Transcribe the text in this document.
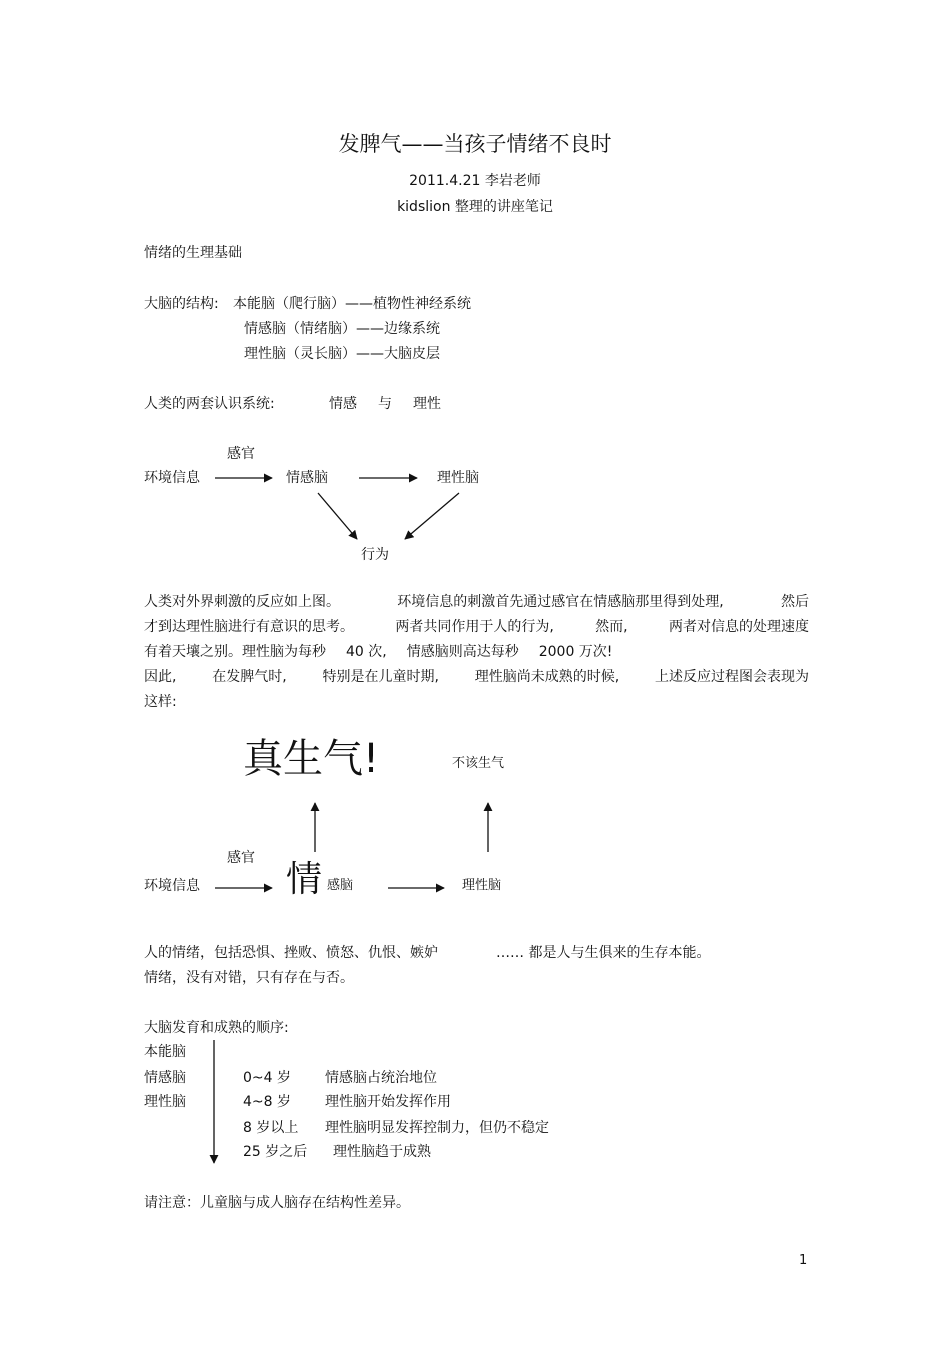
发脾气——当孩子情绪不良时
2011.4.21 李岩老师
kidslion 整理的讲座笔记
情绪的生理基础
大脑的结构: 本能脑（爬行脑）——植物性神经系统
情感脑（情绪脑）——边缘系统
理性脑（灵长脑）——大脑皮层
人类的两套认识系统:	情感 与 理性
感官
环境信息	情感脑	理性脑
行为
人类对外界刺激的反应如上图。	环境信息的刺激首先通过感官在情感脑那里得到处理,	然后
才到达理性脑进行有意识的思考。	两者共同作用于人的行为,	然而,	两者对信息的处理速度
有着天壤之别。理性脑为每秒 40 次, 情感脑则高达每秒 2000 万次!
因此,	在发脾气时,	特别是在儿童时期,	理性脑尚未成熟的时候,	上述反应过程图会表现为
这样:
真生气!	不该生气
感官
环境信息 情 感脑	理性脑
人的情绪，包括恐惧、挫败、愤怒、仇恨、嫉妒	…… 都是人与生俱来的生存本能。
情绪，没有对错，只有存在与否。
大脑发育和成熟的顺序:
本能脑
情感脑
理性脑
0~4 岁 情感脑占统治地位
4~8 岁 理性脑开始发挥作用
8 岁以上 理性脑明显发挥控制力，但仍不稳定
25 岁之后 理性脑趋于成熟
请注意：儿童脑与成人脑存在结构性差异。
1
